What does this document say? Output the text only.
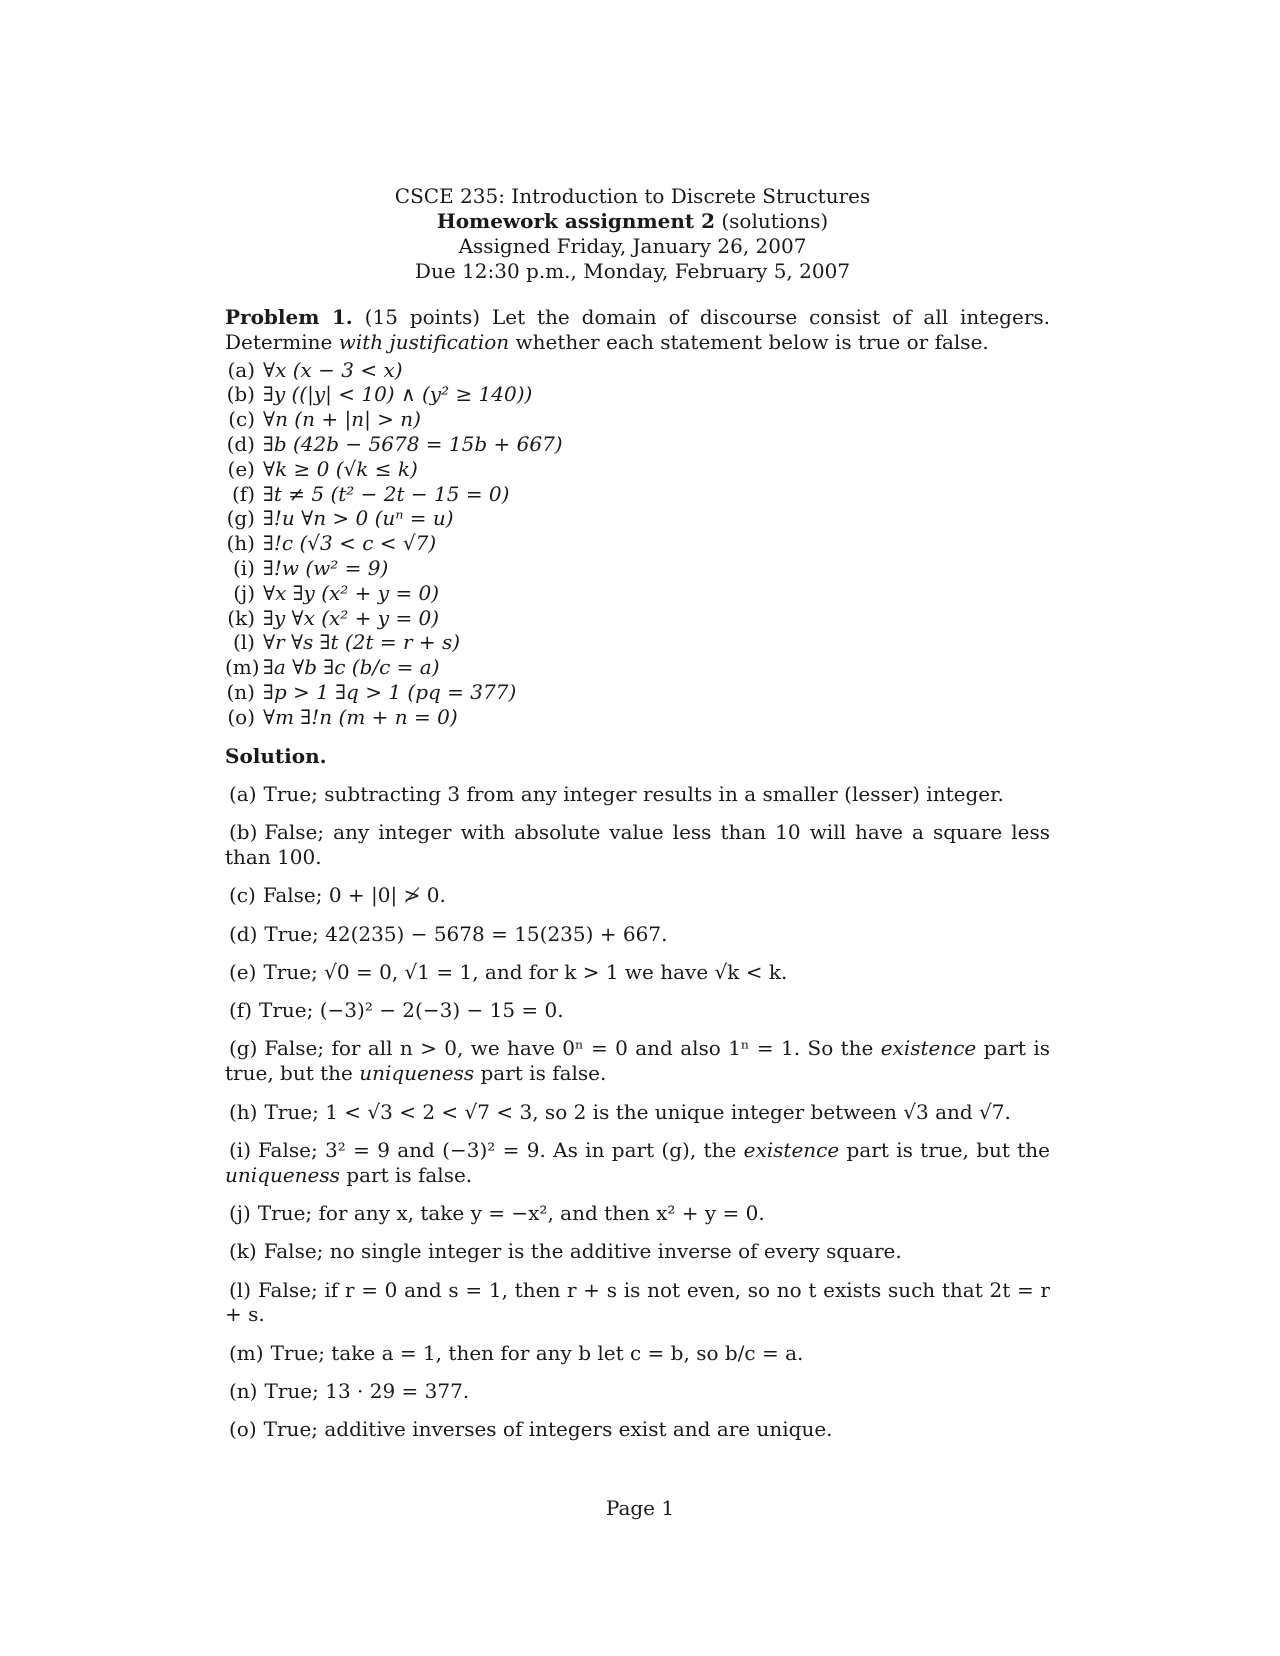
CSCE 235: Introduction to Discrete Structures
Homework assignment 2 (solutions)
Assigned Friday, January 26, 2007
Due 12:30 p.m., Monday, February 5, 2007
Problem 1. (15 points) Let the domain of discourse consist of all integers. Determine with justification whether each statement below is true or false.
(a) ∀x (x − 3 < x)
(b) ∃y ((|y| < 10) ∧ (y² ≥ 140))
(c) ∀n (n + |n| > n)
(d) ∃b (42b − 5678 = 15b + 667)
(e) ∀k ≥ 0 (√k ≤ k)
(f) ∃t ≠ 5 (t² − 2t − 15 = 0)
(g) ∃!u ∀n > 0 (uⁿ = u)
(h) ∃!c (√3 < c < √7)
(i) ∃!w (w² = 9)
(j) ∀x ∃y (x² + y = 0)
(k) ∃y ∀x (x² + y = 0)
(l) ∀r ∀s ∃t (2t = r + s)
(m) ∃a ∀b ∃c (b/c = a)
(n) ∃p > 1 ∃q > 1 (pq = 377)
(o) ∀m ∃!n (m + n = 0)
Solution.
(a) True; subtracting 3 from any integer results in a smaller (lesser) integer.
(b) False; any integer with absolute value less than 10 will have a square less than 100.
(c) False; 0 + |0| ≯ 0.
(d) True; 42(235) − 5678 = 15(235) + 667.
(e) True; √0 = 0, √1 = 1, and for k > 1 we have √k < k.
(f) True; (−3)² − 2(−3) − 15 = 0.
(g) False; for all n > 0, we have 0ⁿ = 0 and also 1ⁿ = 1. So the existence part is true, but the uniqueness part is false.
(h) True; 1 < √3 < 2 < √7 < 3, so 2 is the unique integer between √3 and √7.
(i) False; 3² = 9 and (−3)² = 9. As in part (g), the existence part is true, but the uniqueness part is false.
(j) True; for any x, take y = −x², and then x² + y = 0.
(k) False; no single integer is the additive inverse of every square.
(l) False; if r = 0 and s = 1, then r + s is not even, so no t exists such that 2t = r + s.
(m) True; take a = 1, then for any b let c = b, so b/c = a.
(n) True; 13 · 29 = 377.
(o) True; additive inverses of integers exist and are unique.
Page 1
